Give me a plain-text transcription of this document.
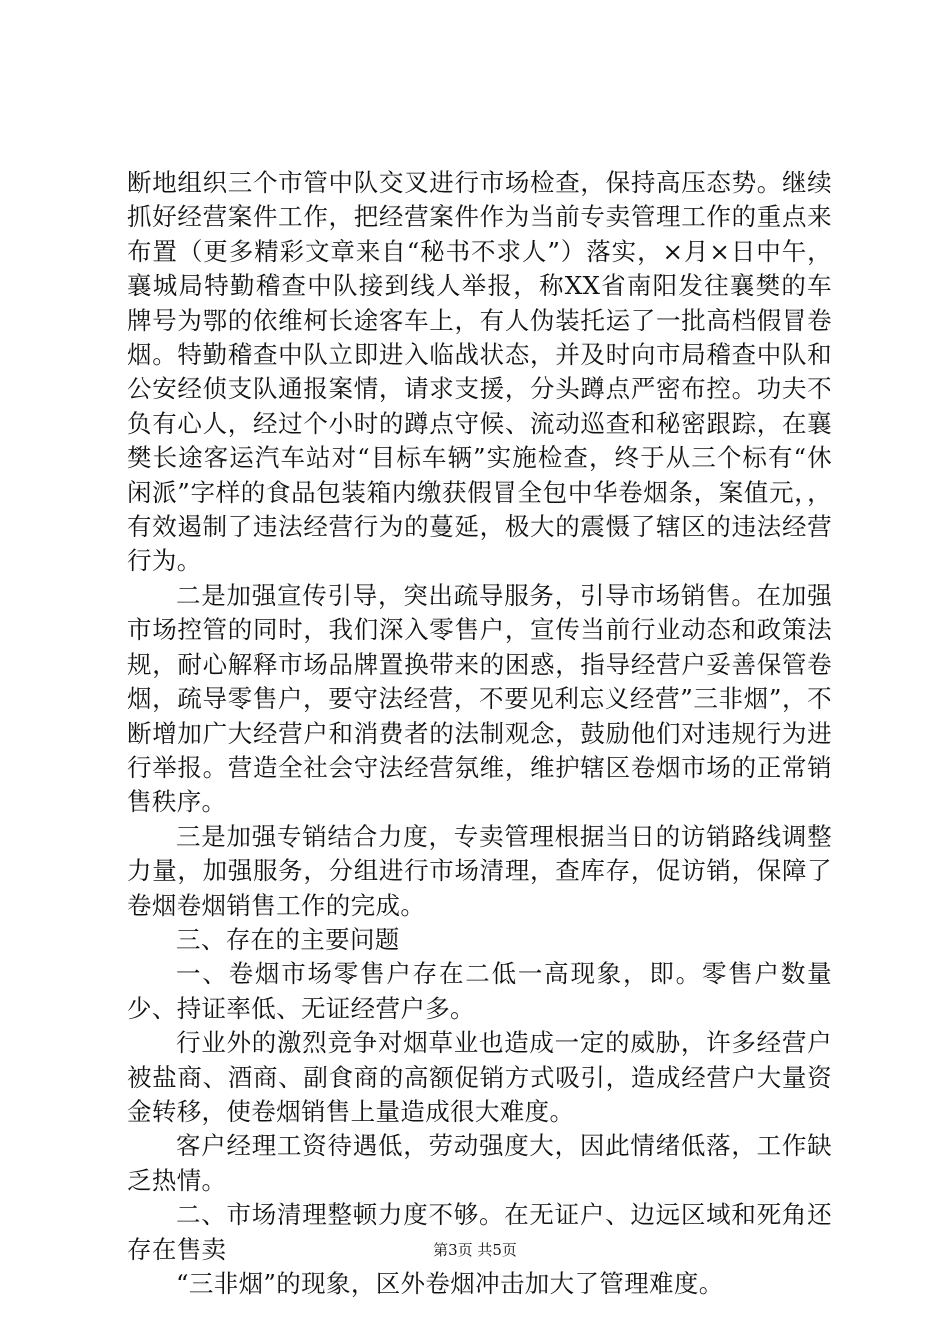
断地组织三个市管中队交叉进行市场检查，保持高压态势。继续抓好经营案件工作，把经营案件作为当前专卖管理工作的重点来布置（更多精彩文章来自“秘书不求人”）落实，×月×日中午，襄城局特勤稽查中队接到线人举报，称XX省南阳发往襄樊的车牌号为鄂的依维柯长途客车上，有人伪装托运了一批高档假冒卷烟。特勤稽查中队立即进入临战状态，并及时向市局稽查中队和公安经侦支队通报案情，请求支援，分头蹲点严密布控。功夫不负有心人，经过个小时的蹲点守候、流动巡查和秘密跟踪，在襄樊长途客运汽车站对“目标车辆”实施检查，终于从三个标有“休闲派”字样的食品包装箱内缴获假冒全包中华卷烟条，案值元，，有效遏制了违法经营行为的蔓延，极大的震慑了辖区的违法经营行为。

二是加强宣传引导，突出疏导服务，引导市场销售。在加强市场控管的同时，我们深入零售户，宣传当前行业动态和政策法规，耐心解释市场品牌置换带来的困惑，指导经营户妥善保管卷烟，疏导零售户，要守法经营，不要见利忘义经营”三非烟”，不断增加广大经营户和消费者的法制观念，鼓励他们对违规行为进行举报。营造全社会守法经营氛维，维护辖区卷烟市场的正常销售秩序。

三是加强专销结合力度，专卖管理根据当日的访销路线调整力量，加强服务，分组进行市场清理，查库存，促访销，保障了卷烟卷烟销售工作的完成。

三、存在的主要问题

一、卷烟市场零售户存在二低一高现象，即。零售户数量少、持证率低、无证经营户多。

行业外的激烈竞争对烟草业也造成一定的威胁，许多经营户被盐商、酒商、副食商的高额促销方式吸引，造成经营户大量资金转移，使卷烟销售上量造成很大难度。

客户经理工资待遇低，劳动强度大，因此情绪低落，工作缺乏热情。

二、市场清理整顿力度不够。在无证户、边远区域和死角还存在售卖

“三非烟”的现象，区外卷烟冲击加大了管理难度。

第3页 共5页
